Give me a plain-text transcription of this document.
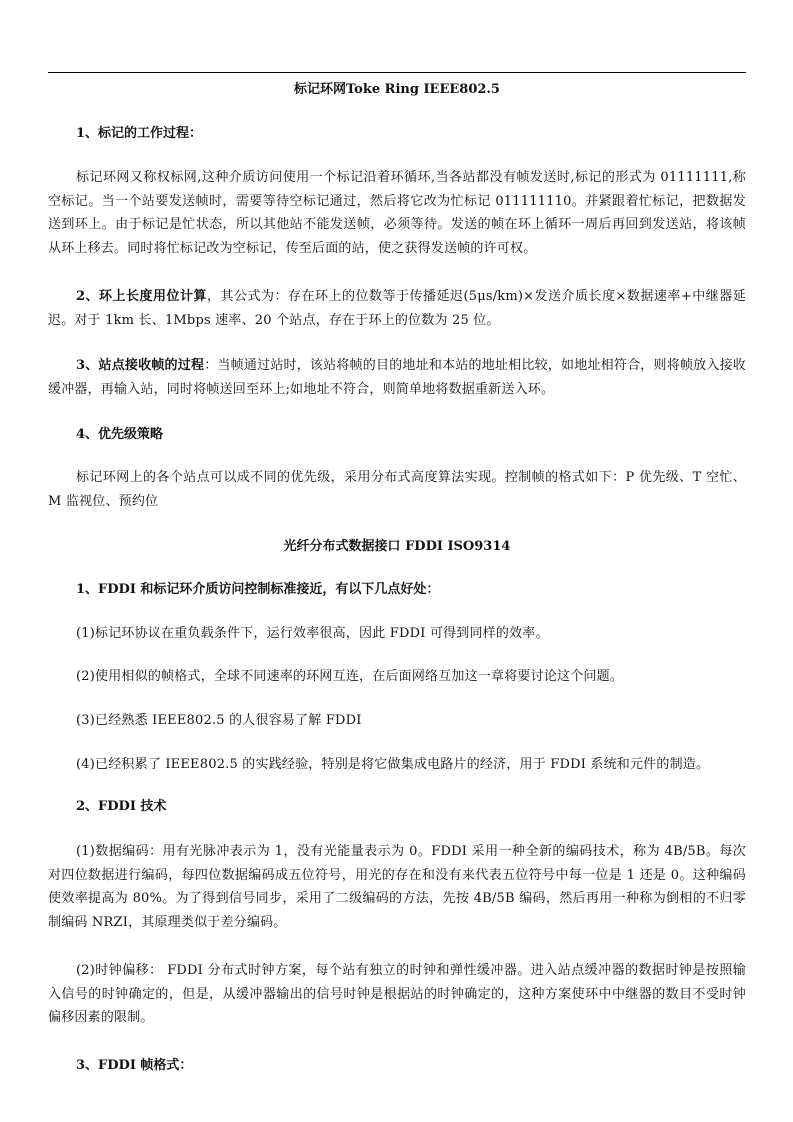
标记环网Toke Ring IEEE802.5
1、标记的工作过程：
标记环网又称权标网,这种介质访问使用一个标记沿着环循环,当各站都没有帧发送时,标记的形式为 01111111,称空标记。当一个站要发送帧时，需要等待空标记通过，然后将它改为忙标记 011111110。并紧跟着忙标记，把数据发送到环上。由于标记是忙状态，所以其他站不能发送帧，必须等待。发送的帧在环上循环一周后再回到发送站，将该帧从环上移去。同时将忙标记改为空标记，传至后面的站，使之获得发送帧的许可权。
2、环上长度用位计算，其公式为：存在环上的位数等于传播延迟(5μs/km)×发送介质长度×数据速率+中继器延迟。对于 1km 长、1Mbps 速率、20 个站点，存在于环上的位数为 25 位。
3、站点接收帧的过程：当帧通过站时，该站将帧的目的地址和本站的地址相比较，如地址相符合，则将帧放入接收缓冲器，再输入站，同时将帧送回至环上;如地址不符合，则简单地将数据重新送入环。
4、优先级策略
标记环网上的各个站点可以成不同的优先级，采用分布式高度算法实现。控制帧的格式如下：P 优先级、T 空忙、M 监视位、预约位
光纤分布式数据接口 FDDI ISO9314
1、FDDI 和标记环介质访问控制标准接近，有以下几点好处：
(1)标记环协议在重负载条件下，运行效率很高，因此 FDDI 可得到同样的效率。
(2)使用相似的帧格式，全球不同速率的环网互连，在后面网络互加这一章将要讨论这个问题。
(3)已经熟悉 IEEE802.5 的人很容易了解 FDDI
(4)已经积累了 IEEE802.5 的实践经验，特别是将它做集成电路片的经济，用于 FDDI 系统和元件的制造。
2、FDDI 技术
(1)数据编码：用有光脉冲表示为 1，没有光能量表示为 0。FDDI 采用一种全新的编码技术，称为 4B/5B。每次对四位数据进行编码，每四位数据编码成五位符号，用光的存在和没有来代表五位符号中每一位是 1 还是 0。这种编码使效率提高为 80%。为了得到信号同步，采用了二级编码的方法，先按 4B/5B 编码，然后再用一种称为倒相的不归零制编码 NRZI，其原理类似于差分编码。
(2)时钟偏移： FDDI 分布式时钟方案，每个站有独立的时钟和弹性缓冲器。进入站点缓冲器的数据时钟是按照输入信号的时钟确定的，但是，从缓冲器输出的信号时钟是根据站的时钟确定的，这种方案使环中中继器的数目不受时钟偏移因素的限制。
3、FDDI 帧格式：
